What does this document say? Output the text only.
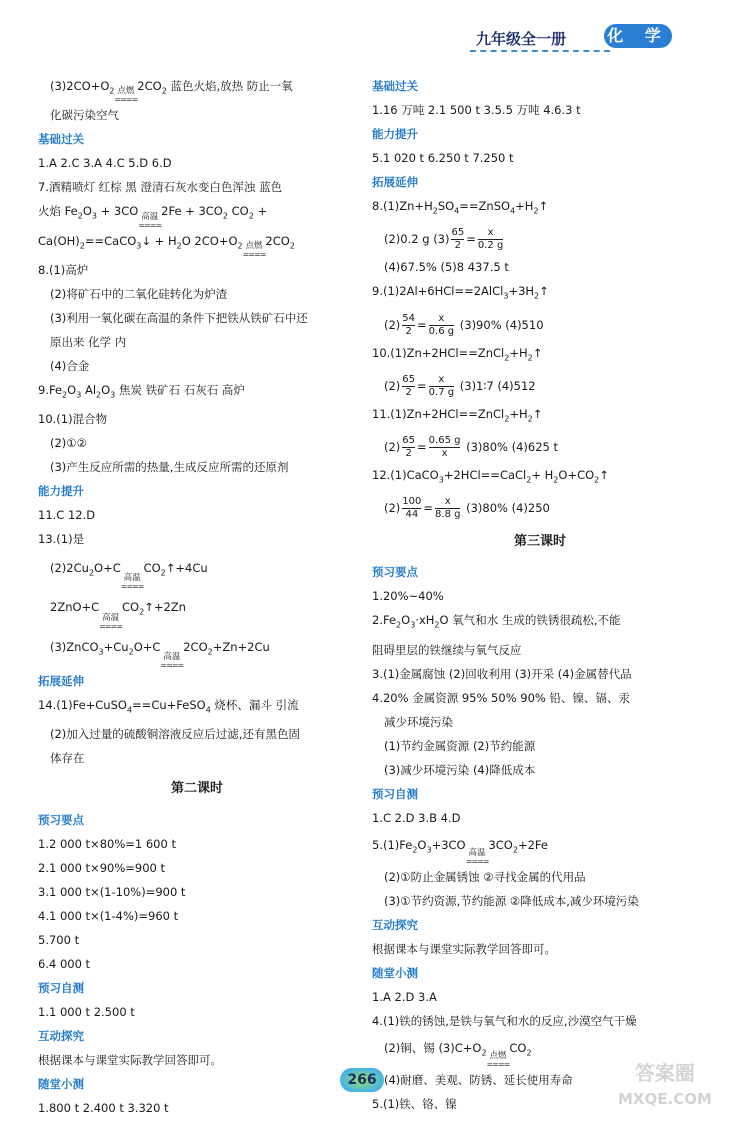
九年级全一册	化 学
$(3)2CO+O_2$ 点燃
====
$2CO_2$ 蓝色火焰,放热 防止一氧
化碳污染空气
基础过关
1.A 2.C 3.A 4.C 5.D 6.D
7.酒精喷灯 红棕 黑 澄清石灰水变白色浑浊 蓝色
火焰 $Fe_2O_3 + 3CO$ 高温
====
$2Fe + 3CO_2$ $CO_2$ +
$Ca(OH)_2==CaCO_3↓ + H_2O$ $2CO+O_2$ 点燃
====
$2CO_2$
8.(1)高炉
(2)将矿石中的二氧化硅转化为炉渣
(3)利用一氧化碳在高温的条件下把铁从铁矿石中还
原出来 化学 内
(4)合金
$9.Fe_2O_3$ $Al_2O_3$ 焦炭 铁矿石 石灰石 高炉
10.(1)混合物
(2)①②
(3)产生反应所需的热量,生成反应所需的还原剂
能力提升
11.C 12.D
13.(1)是
$(2)2Cu_2O+C$
高温
====
$CO_2↑+4Cu$
2ZnO+C
高温
====
$CO_2↑+2Zn$
$(3)ZnCO_3+Cu_2O+C$
高温
====
$2CO_2+Zn+2Cu$
拓展延伸
14.(1)Fe+CuSO$_4$==Cu+FeSO$_4$ 烧杯、漏斗 引流
(2)加入过量的硫酸铜溶液反应后过滤,还有黑色固
体存在
第二课时
预习要点
1.2 000 t×80%=1 600 t
2.1 000 t×90%=900 t
3.1 000 t×(1-10%)=900 t
4.1 000 t×(1-4%)=960 t
5.700 t
6.4 000 t
预习自测
1.1 000 t 2.500 t
互动探究
根据课本与课堂实际教学回答即可。
随堂小测
1.800 t 2.400 t 3.320 t
基础过关
1.16 万吨 2.1 500 t 3.5.5 万吨 4.6.3 t
能力提升
5.1 020 t 6.250 t 7.250 t
拓展延伸
$8.(1)Zn+H_2SO_4==ZnSO_4+H_2↑$
(2)0.2 g $(3) \frac{65}{2} = \frac{x}{0.2 g}$
(4)67.5% (5)8 437.5 t
$9.(1)2Al+6HCl==2AlCl_3+3H_2↑$
$(2) \frac{54}{2} = \frac{x}{0.6 g} (3)90\%$ (4)510
$10.(1)Zn+2HCl==ZnCl_2+H_2↑$
$(2) \frac{65}{2} = \frac{x}{0.7 g}$ (3)1∶7 (4)512
$11.(1)Zn+2HCl==ZnCl_2+H_2↑$
$(2) \frac{65}{2} = \frac{0.65 g}{x} (3)80\%$ (4)625 t
12.(1)CaCO$_3$+2HCl==CaCl$_2$+ $H_2O+CO_2↑$
$(2) \frac{100}{44} = \frac{x}{8.8 g} (3)80\%$ (4)250
第三课时
预习要点
1.20%~40%
$2.Fe_2O_3\cdot xH_2O$ 氧气和水 生成的铁锈很疏松,不能
阻碍里层的铁继续与氧气反应
3.(1)金属腐蚀 (2)回收利用 (3)开采 (4)金属替代品
4.20% 金属资源 95% 50% 90% 铅、镍、镉、汞
减少环境污染
(1)节约金属资源 (2)节约能源
(3)减少环境污染 (4)降低成本
预习自测
1.C 2.D 3.B 4.D
$5.(1)Fe_2O_3+3CO$
高温
====
$3CO_2+2Fe$
(2)①防止金属锈蚀 ②寻找金属的代用品
(3)①节约资源,节约能源 ②降低成本,减少环境污染
互动探究
根据课本与课堂实际教学回答即可。
随堂小测
1.A 2.D 3.A
4.(1)铁的锈蚀,是铁与氧气和水的反应,沙漠空气干燥
(2)铜、锡 $(3)C+O_2$ 点燃
====
$CO_2$
(4)耐磨、美观、防锈、延长使用寿命
5.(1)铁、铬、镍
266	答案圈
MXQE.COM
